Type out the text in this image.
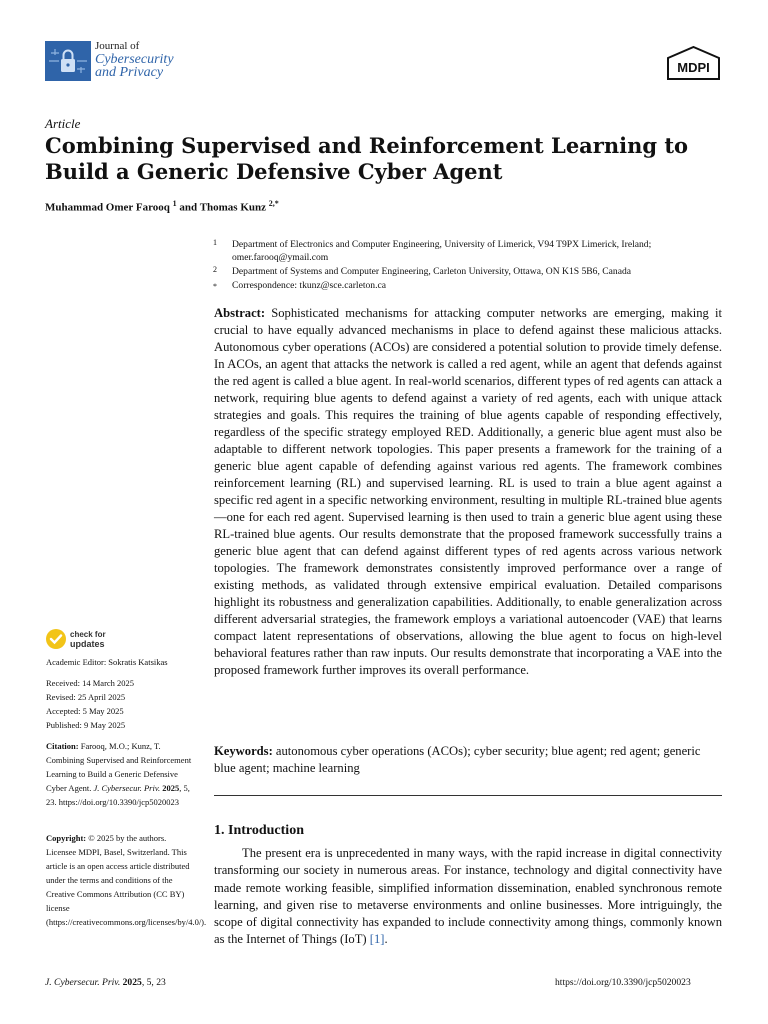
Journal of
Cybersecurity
and Privacy	MDPI
Article
Combining Supervised and Reinforcement Learning to Build a Generic Defensive Cyber Agent
Muhammad Omer Farooq $^1$ and Thomas Kunz $^{2,*}$
1 Department of Electronics and Computer Engineering, University of Limerick, V94 T9PX Limerick, Ireland; omer.farooq@ymail.com
2 Department of Systems and Computer Engineering, Carleton University, Ottawa, ON K1S 5B6, Canada
* Correspondence: tkunz@sce.carleton.ca

Abstract: Sophisticated mechanisms for attacking computer networks are emerging, making it crucial to have equally advanced mechanisms in place to defend against these malicious attacks. Autonomous cyber operations (ACOs) are considered a potential solution to provide timely defense. In ACOs, an agent that attacks the network is called a red agent, while an agent that defends against the red agent is called a blue agent. In real-world scenarios, different types of red agents can attack a network, requiring blue agents to defend against a variety of red agents, each with unique attack strategies and goals. This requires the training of blue agents capable of responding effectively, regardless of the specific strategy employed RED. Additionally, a generic blue agent must also be adaptable to different network topologies. This paper presents a framework for the training of a generic blue agent capable of defending against various red agents. The framework combines reinforcement learning (RL) and supervised learning. RL is used to train a blue agent against a specific red agent in a specific networking environment, resulting in multiple RL-trained blue agents—one for each red agent. Supervised learning is then used to train a generic blue agent using these RL-trained blue agents. Our results demonstrate that the proposed framework successfully trains a generic blue agent that can defend against different types of red agents across various network topologies. The framework demonstrates consistently improved performance over a range of existing methods, as validated through extensive empirical evaluation. Detailed comparisons highlight its robustness and generalization capabilities. Additionally, to enable generalization across different adversarial strategies, the framework employs a variational autoencoder (VAE) that learns compact latent representations of observations, allowing the blue agent to focus on high-level behavioral features rather than raw inputs. Our results demonstrate that incorporating a VAE into the proposed framework further improves its overall performance.

Keywords: autonomous cyber operations (ACOs); cyber security; blue agent; red agent; generic blue agent; machine learning

1. Introduction

The present era is unprecedented in many ways, with the rapid increase in digital connectivity transforming our society in numerous areas. For instance, technology and digital connectivity have made remote working feasible, simplified information dissemination, enabled synchronous remote learning, and given rise to metaverse environments and online businesses. More intriguingly, the scope of digital connectivity has expanded to include connectivity among things, commonly known as the Internet of Things (IoT) [1].

check for
updates
Academic Editor: Sokratis Katsikas
Received: 14 March 2025
Revised: 25 April 2025
Accepted: 5 May 2025
Published: 9 May 2025
Citation: Farooq, M.O.; Kunz, T. Combining Supervised and Reinforcement Learning to Build a Generic Defensive Cyber Agent. J. Cybersecur. Priv. 2025, 5, 23. https://doi.org/10.3390/jcp5020023
Copyright: © 2025 by the authors. Licensee MDPI, Basel, Switzerland. This article is an open access article distributed under the terms and conditions of the Creative Commons Attribution (CC BY) license (https://creativecommons.org/licenses/by/4.0/).
J. Cybersecur. Priv. 2025, 5, 23	https://doi.org/10.3390/jcp5020023
